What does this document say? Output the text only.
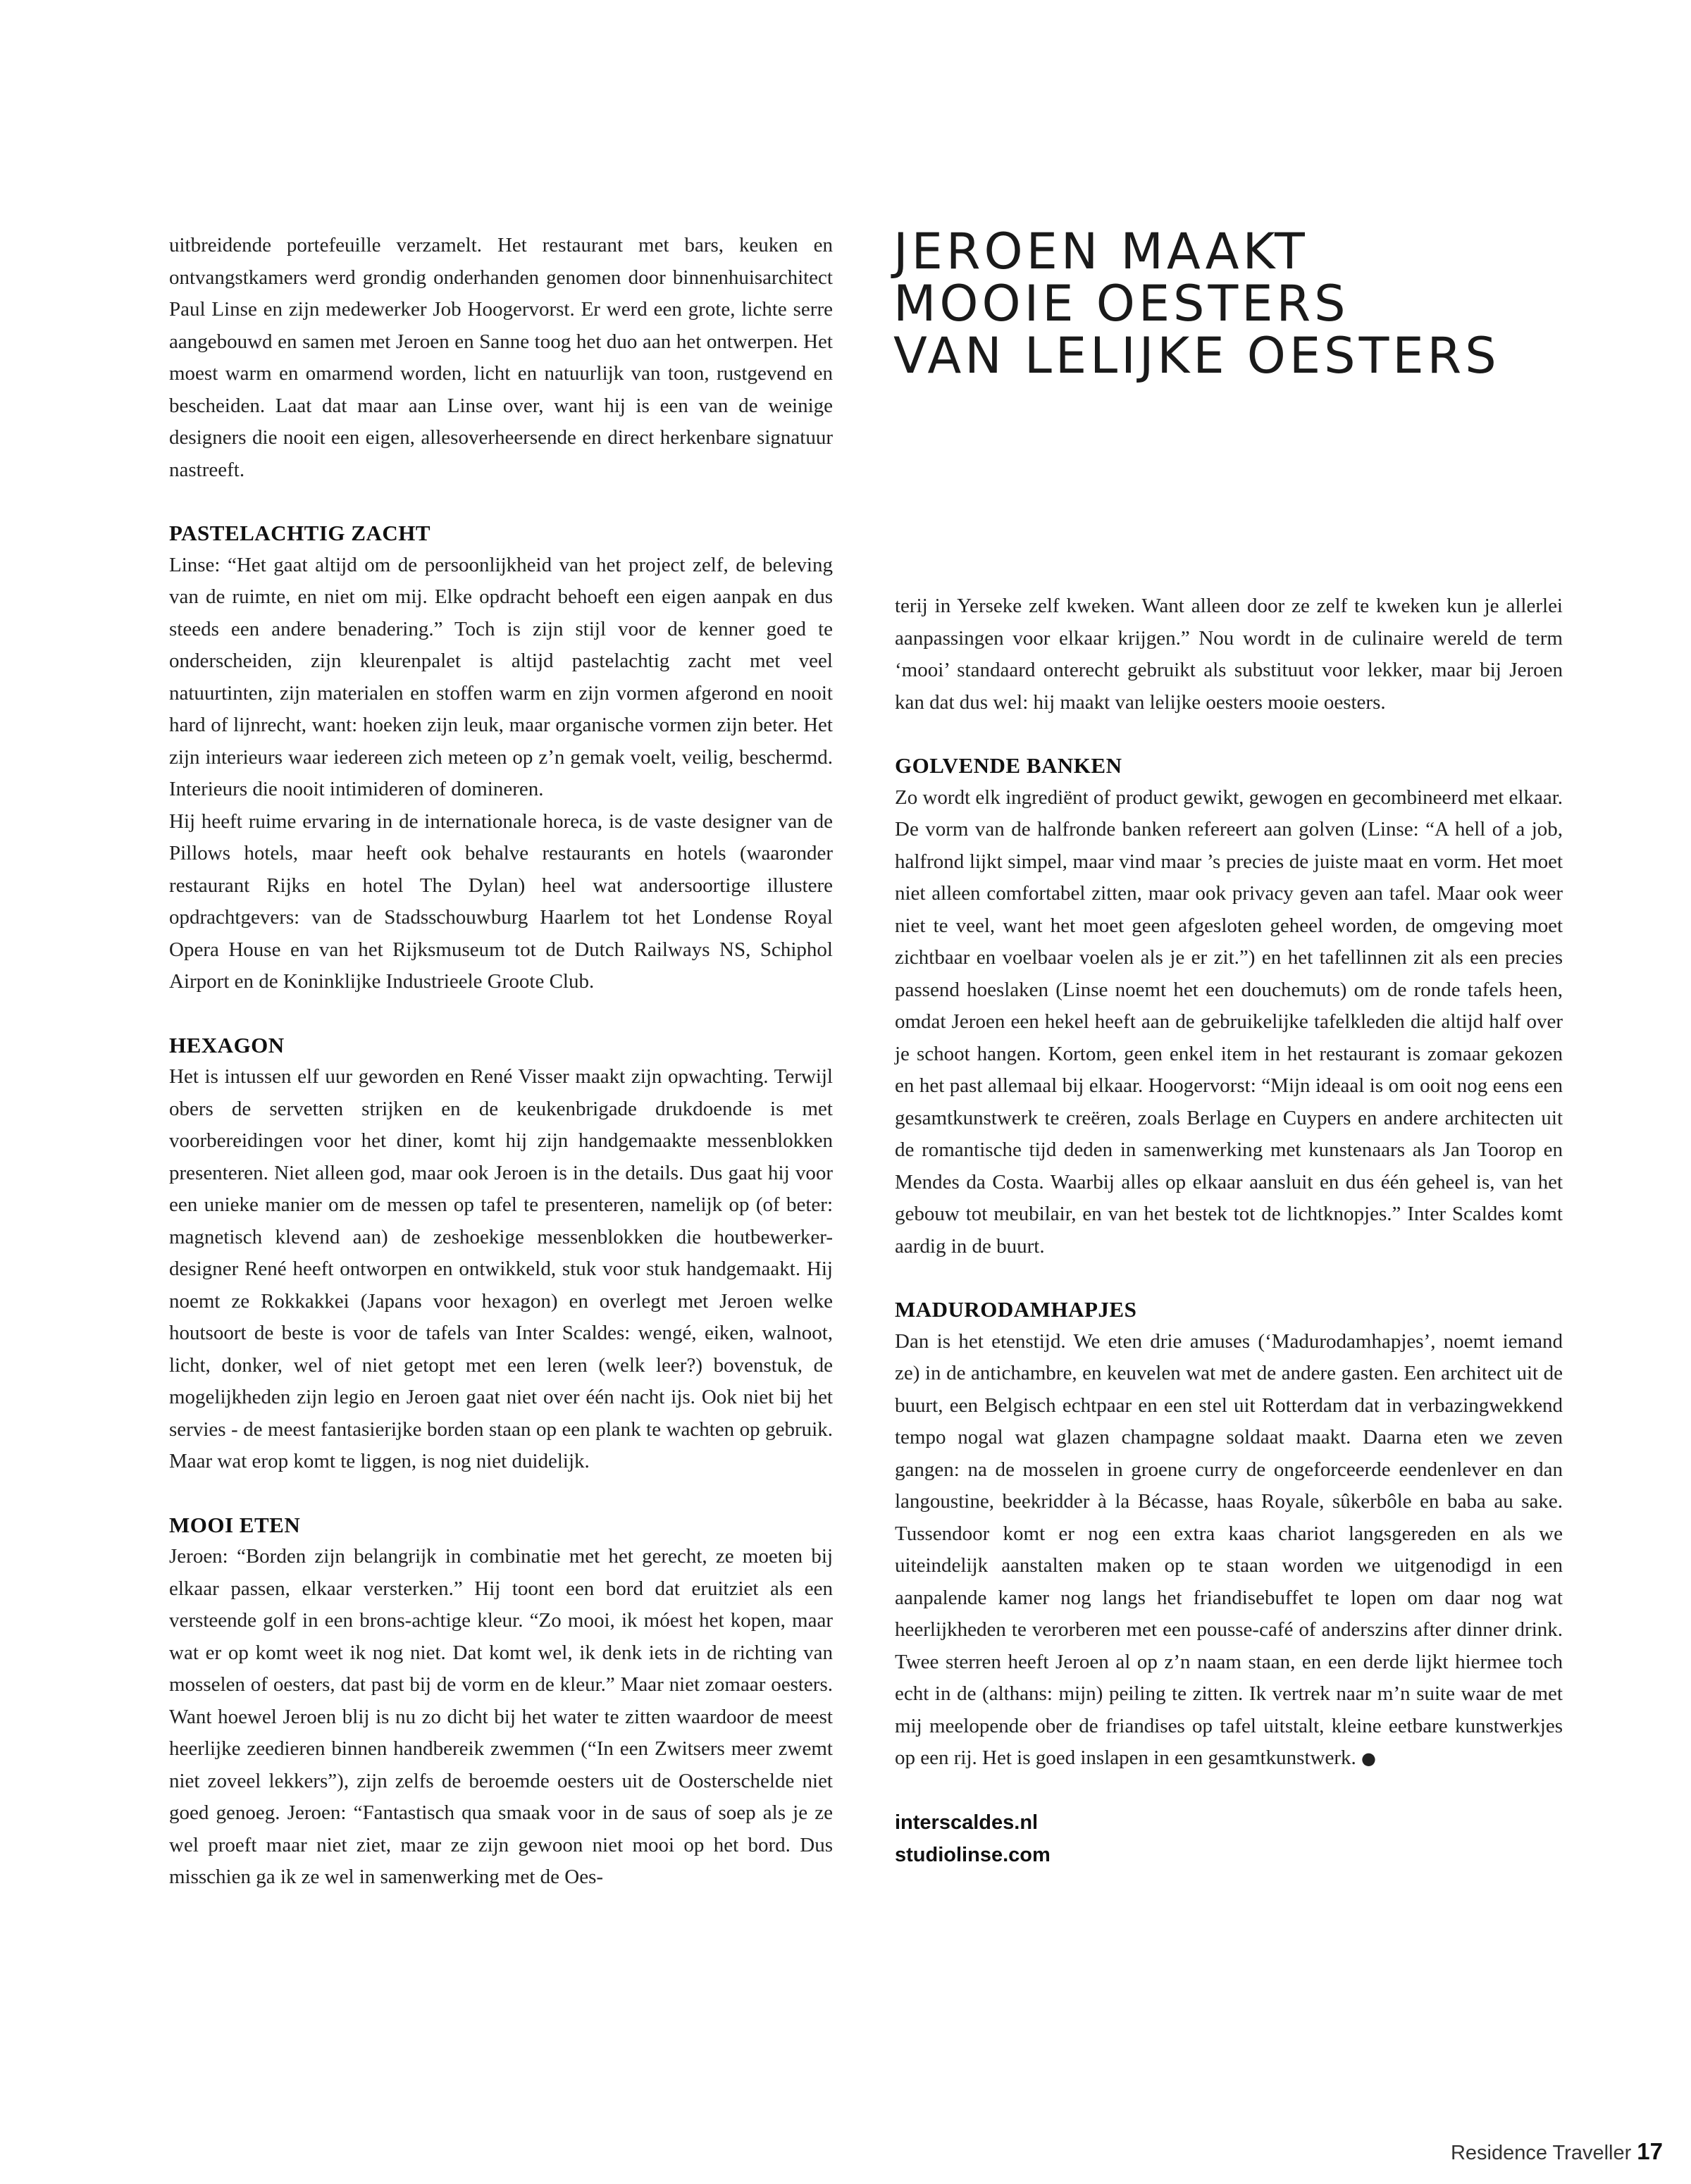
JEROEN MAAKT
MOOIE OESTERS
VAN LELIJKE OESTERS

uitbreidende portefeuille verzamelt. Het restaurant met bars, keuken en ontvangstkamers werd grondig onderhanden genomen door binnenhuisarchitect Paul Linse en zijn medewerker Job Hoogervorst. Er werd een grote, lichte serre aangebouwd en samen met Jeroen en Sanne toog het duo aan het ontwerpen. Het moest warm en omarmend worden, licht en natuurlijk van toon, rustgevend en bescheiden. Laat dat maar aan Linse over, want hij is een van de weinige designers die nooit een eigen, allesoverheersende en direct herkenbare signatuur nastreeft.

PASTELACHTIG ZACHT

Linse: “Het gaat altijd om de persoonlijkheid van het project zelf, de beleving van de ruimte, en niet om mij. Elke opdracht behoeft een eigen aanpak en dus steeds een andere benadering.” Toch is zijn stijl voor de kenner goed te onderscheiden, zijn kleurenpalet is altijd pastelachtig zacht met veel natuurtinten, zijn materialen en stoffen warm en zijn vormen afgerond en nooit hard of lijnrecht, want: hoeken zijn leuk, maar organische vormen zijn beter. Het zijn interieurs waar iedereen zich meteen op z’n gemak voelt, veilig, beschermd. Interieurs die nooit intimideren of domineren.

Hij heeft ruime ervaring in de internationale horeca, is de vaste designer van de Pillows hotels, maar heeft ook behalve restaurants en hotels (waaronder restaurant Rijks en hotel The Dylan) heel wat andersoortige illustere opdrachtgevers: van de Stadsschouwburg Haarlem tot het Londense Royal Opera House en van het Rijksmuseum tot de Dutch Railways NS, Schiphol Airport en de Koninklijke Industrieele Groote Club.

HEXAGON

Het is intussen elf uur geworden en René Visser maakt zijn opwachting. Terwijl obers de servetten strijken en de keukenbrigade drukdoende is met voorbereidingen voor het diner, komt hij zijn handgemaakte messenblokken presenteren. Niet alleen god, maar ook Jeroen is in the details. Dus gaat hij voor een unieke manier om de messen op tafel te presenteren, namelijk op (of beter: magnetisch klevend aan) de zeshoekige messenblokken die houtbewerker-designer René heeft ontworpen en ontwikkeld, stuk voor stuk handgemaakt. Hij noemt ze Rokkakkei (Japans voor hexagon) en overlegt met Jeroen welke houtsoort de beste is voor de tafels van Inter Scaldes: wengé, eiken, walnoot, licht, donker, wel of niet getopt met een leren (welk leer?) bovenstuk, de mogelijkheden zijn legio en Jeroen gaat niet over één nacht ijs. Ook niet bij het servies - de meest fantasierijke borden staan op een plank te wachten op gebruik. Maar wat erop komt te liggen, is nog niet duidelijk.

MOOI ETEN

Jeroen: “Borden zijn belangrijk in combinatie met het gerecht, ze moeten bij elkaar passen, elkaar versterken.” Hij toont een bord dat eruitziet als een versteende golf in een brons-achtige kleur. “Zo mooi, ik móest het kopen, maar wat er op komt weet ik nog niet. Dat komt wel, ik denk iets in de richting van mosselen of oesters, dat past bij de vorm en de kleur.” Maar niet zomaar oesters. Want hoewel Jeroen blij is nu zo dicht bij het water te zitten waardoor de meest heerlijke zeedieren binnen handbereik zwemmen (“In een Zwitsers meer zwemt niet zoveel lekkers”), zijn zelfs de beroemde oesters uit de Oosterschelde niet goed genoeg. Jeroen: “Fantastisch qua smaak voor in de saus of soep als je ze wel proeft maar niet ziet, maar ze zijn gewoon niet mooi op het bord. Dus misschien ga ik ze wel in samenwerking met de Oes-

terij in Yerseke zelf kweken. Want alleen door ze zelf te kweken kun je allerlei aanpassingen voor elkaar krijgen.” Nou wordt in de culinaire wereld de term ‘mooi’ standaard onterecht gebruikt als substituut voor lekker, maar bij Jeroen kan dat dus wel: hij maakt van lelijke oesters mooie oesters.

GOLVENDE BANKEN

Zo wordt elk ingrediënt of product gewikt, gewogen en gecombineerd met elkaar. De vorm van de halfronde banken refereert aan golven (Linse: “A hell of a job, halfrond lijkt simpel, maar vind maar ’s precies de juiste maat en vorm. Het moet niet alleen comfortabel zitten, maar ook privacy geven aan tafel. Maar ook weer niet te veel, want het moet geen afgesloten geheel worden, de omgeving moet zichtbaar en voelbaar voelen als je er zit.”) en het tafellinnen zit als een precies passend hoeslaken (Linse noemt het een douchemuts) om de ronde tafels heen, omdat Jeroen een hekel heeft aan de gebruikelijke tafelkleden die altijd half over je schoot hangen. Kortom, geen enkel item in het restaurant is zomaar gekozen en het past allemaal bij elkaar. Hoogervorst: “Mijn ideaal is om ooit nog eens een gesamtkunstwerk te creëren, zoals Berlage en Cuypers en andere architecten uit de romantische tijd deden in samenwerking met kunstenaars als Jan Toorop en Mendes da Costa. Waarbij alles op elkaar aansluit en dus één geheel is, van het gebouw tot meubilair, en van het bestek tot de lichtknopjes.” Inter Scaldes komt aardig in de buurt.

MADURODAMHAPJES

Dan is het etenstijd. We eten drie amuses (‘Madurodamhapjes’, noemt iemand ze) in de antichambre, en keuvelen wat met de andere gasten. Een architect uit de buurt, een Belgisch echtpaar en een stel uit Rotterdam dat in verbazingwekkend tempo nogal wat glazen champagne soldaat maakt. Daarna eten we zeven gangen: na de mosselen in groene curry de ongeforceerde eendenlever en dan langoustine, beekridder à la Bécasse, haas Royale, sûkerbôle en baba au sake. Tussendoor komt er nog een extra kaas chariot langsgereden en als we uiteindelijk aanstalten maken op te staan worden we uitgenodigd in een aanpalende kamer nog langs het friandisebuffet te lopen om daar nog wat heerlijkheden te verorberen met een pousse-café of anderszins after dinner drink. Twee sterren heeft Jeroen al op z’n naam staan, en een derde lijkt hiermee toch echt in de (althans: mijn) peiling te zitten. Ik vertrek naar m’n suite waar de met mij meelopende ober de friandises op tafel uitstalt, kleine eetbare kunstwerkjes op een rij. Het is goed inslapen in een gesamtkunstwerk. ●

interscaldes.nl
studiolinse.com
Residence Traveller 17
